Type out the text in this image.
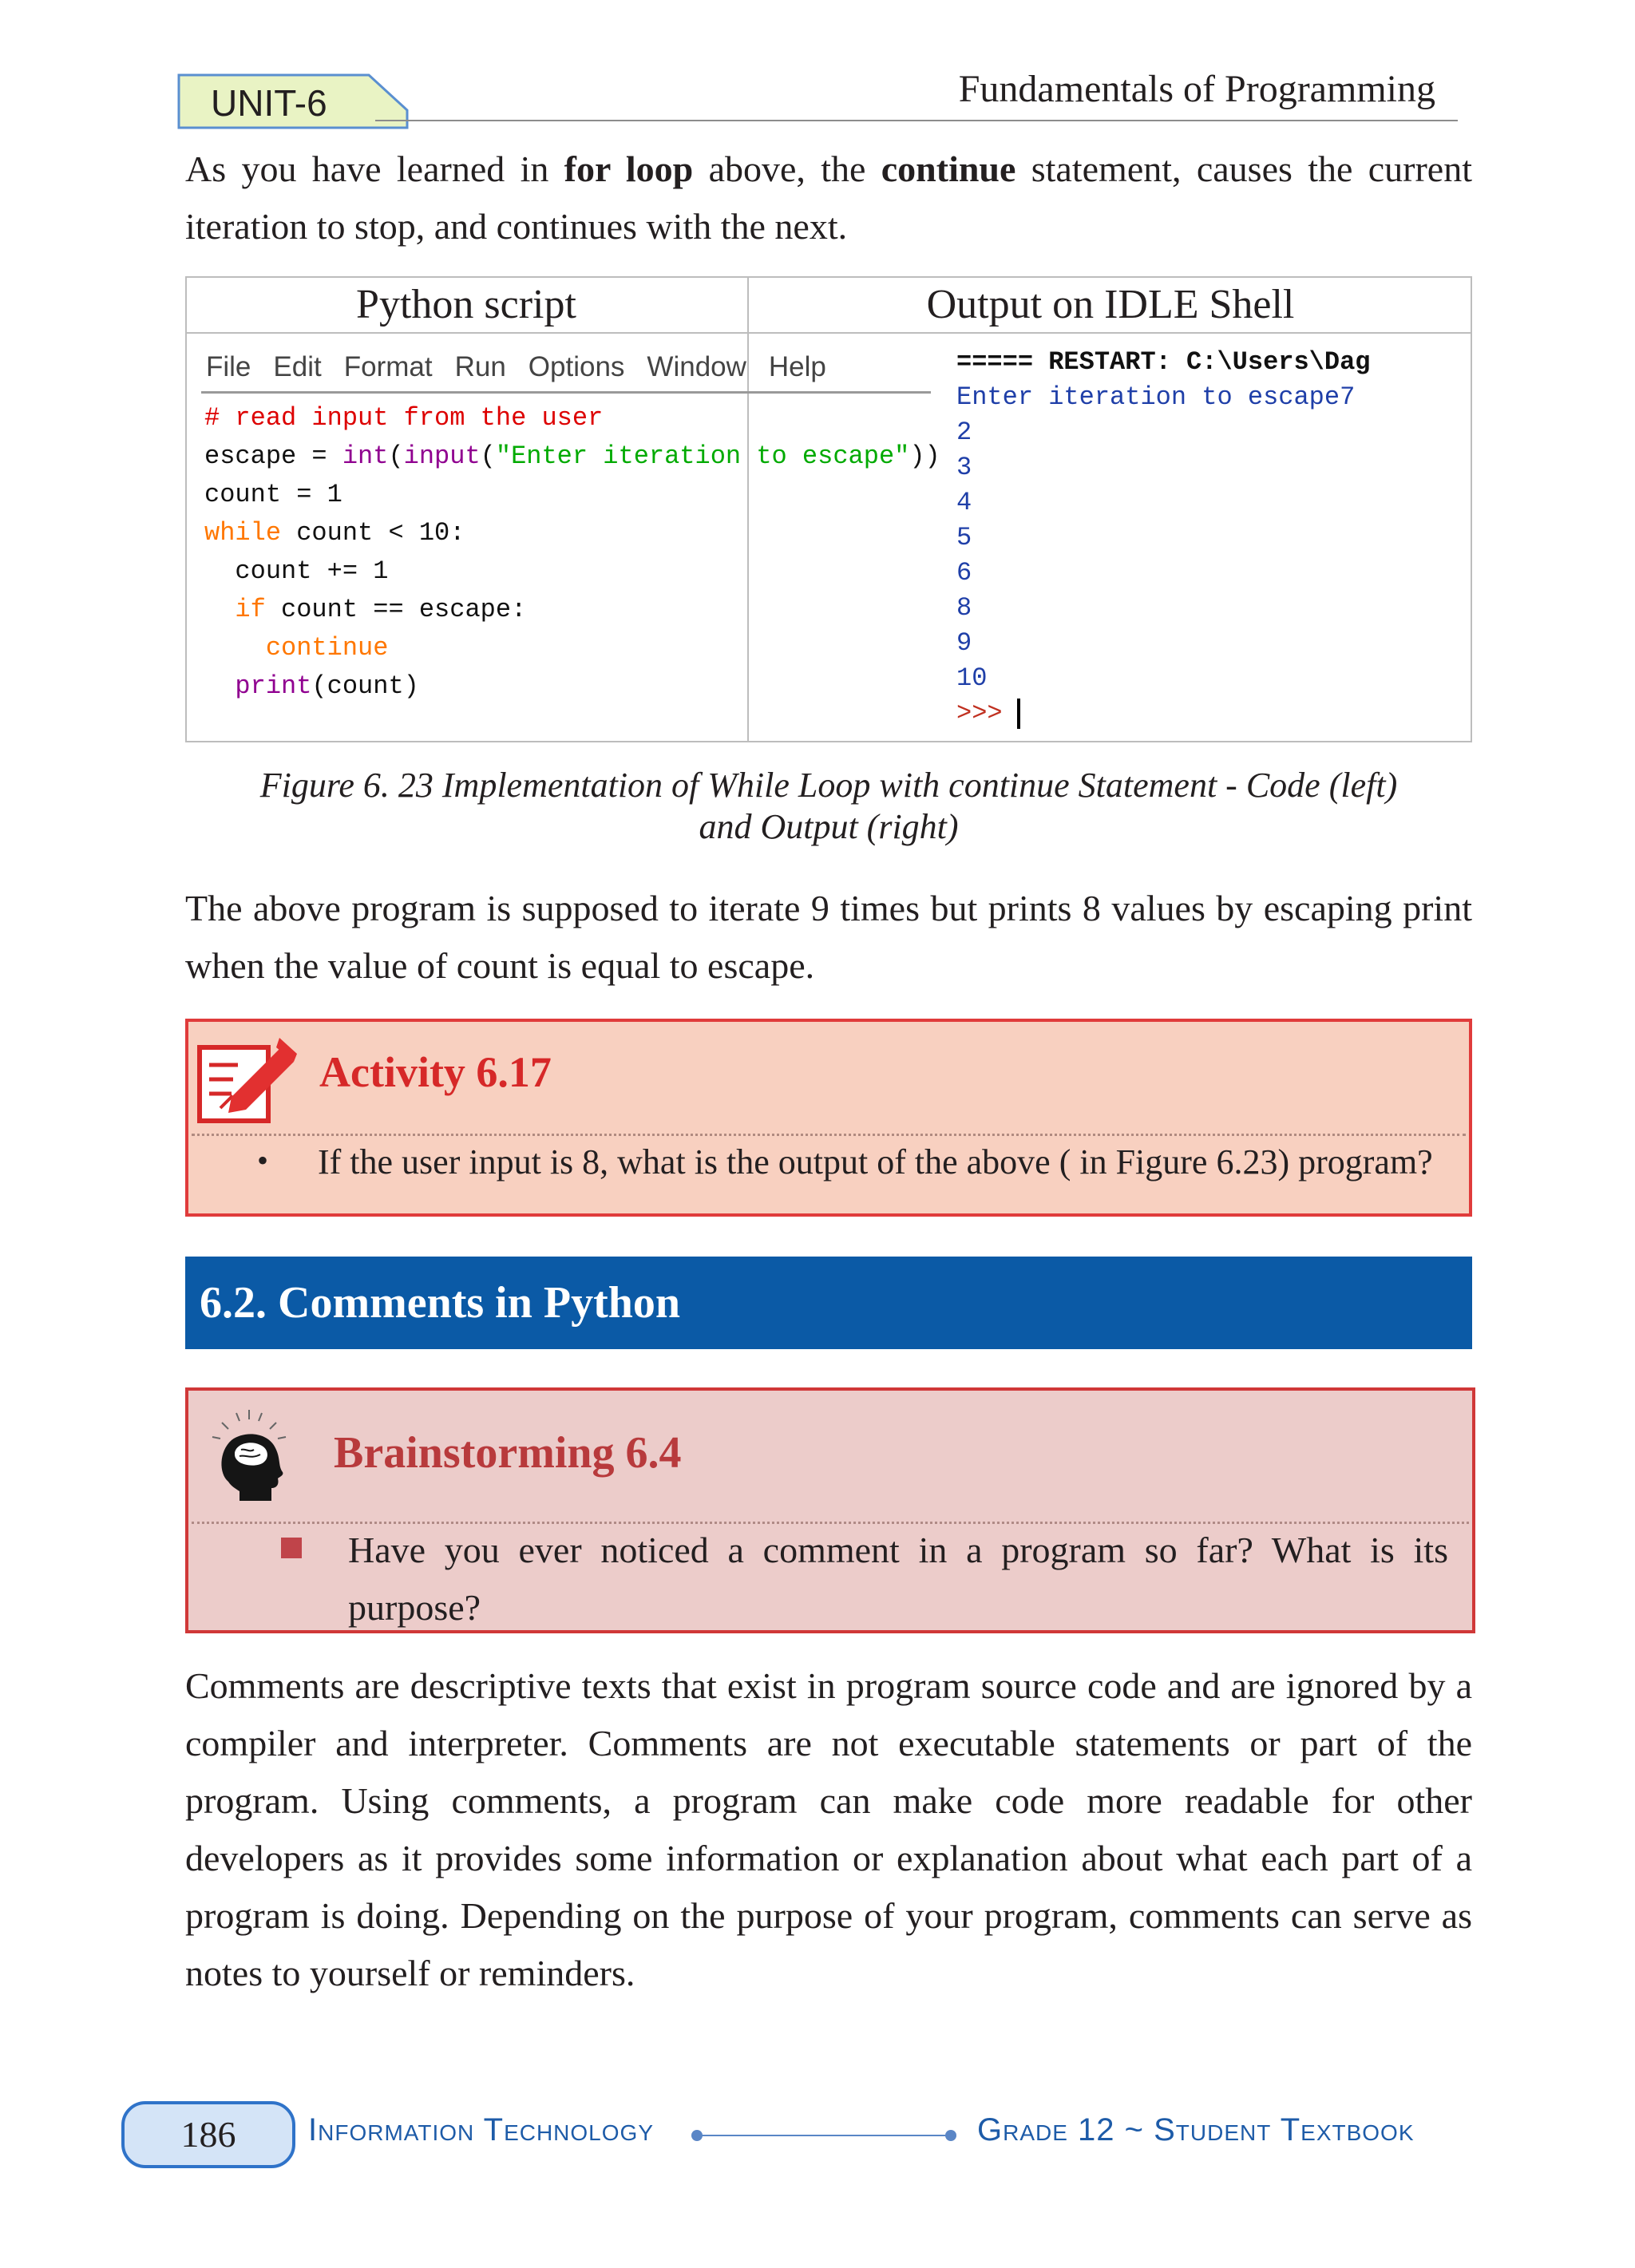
UNIT-6	Fundamentals of Programming
As you have learned in for loop above, the continue statement, causes the current iteration to stop, and continues with the next.
Python script	Output on IDLE Shell
File Edit Format Run Options Window Help
# read input from the user
escape = int(input("Enter iteration to escape"))
count = 1
while count < 10:
count += 1
if count == escape:
continue
print(count)
===== RESTART: C:\Users\Dag
Enter iteration to escape7
2
3
4
5
6
8
9
10
>>>
Figure 6. 23 Implementation of While Loop with continue Statement - Code (left)
and Output (right)
The above program is supposed to iterate 9 times but prints 8 values by escaping print when the value of count is equal to escape.
Activity 6.17
• If the user input is 8, what is the output of the above ( in Figure 6.23) program?
6.2. Comments in Python
Brainstorming 6.4
Have you ever noticed a comment in a program so far? What is its purpose?
Comments are descriptive texts that exist in program source code and are ignored by a compiler and interpreter. Comments are not executable statements or part of the program. Using comments, a program can make code more readable for other developers as it provides some information or explanation about what each part of a program is doing. Depending on the purpose of your program, comments can serve as notes to yourself or reminders.
186	Information Technology	Grade 12 ~ Student Textbook
